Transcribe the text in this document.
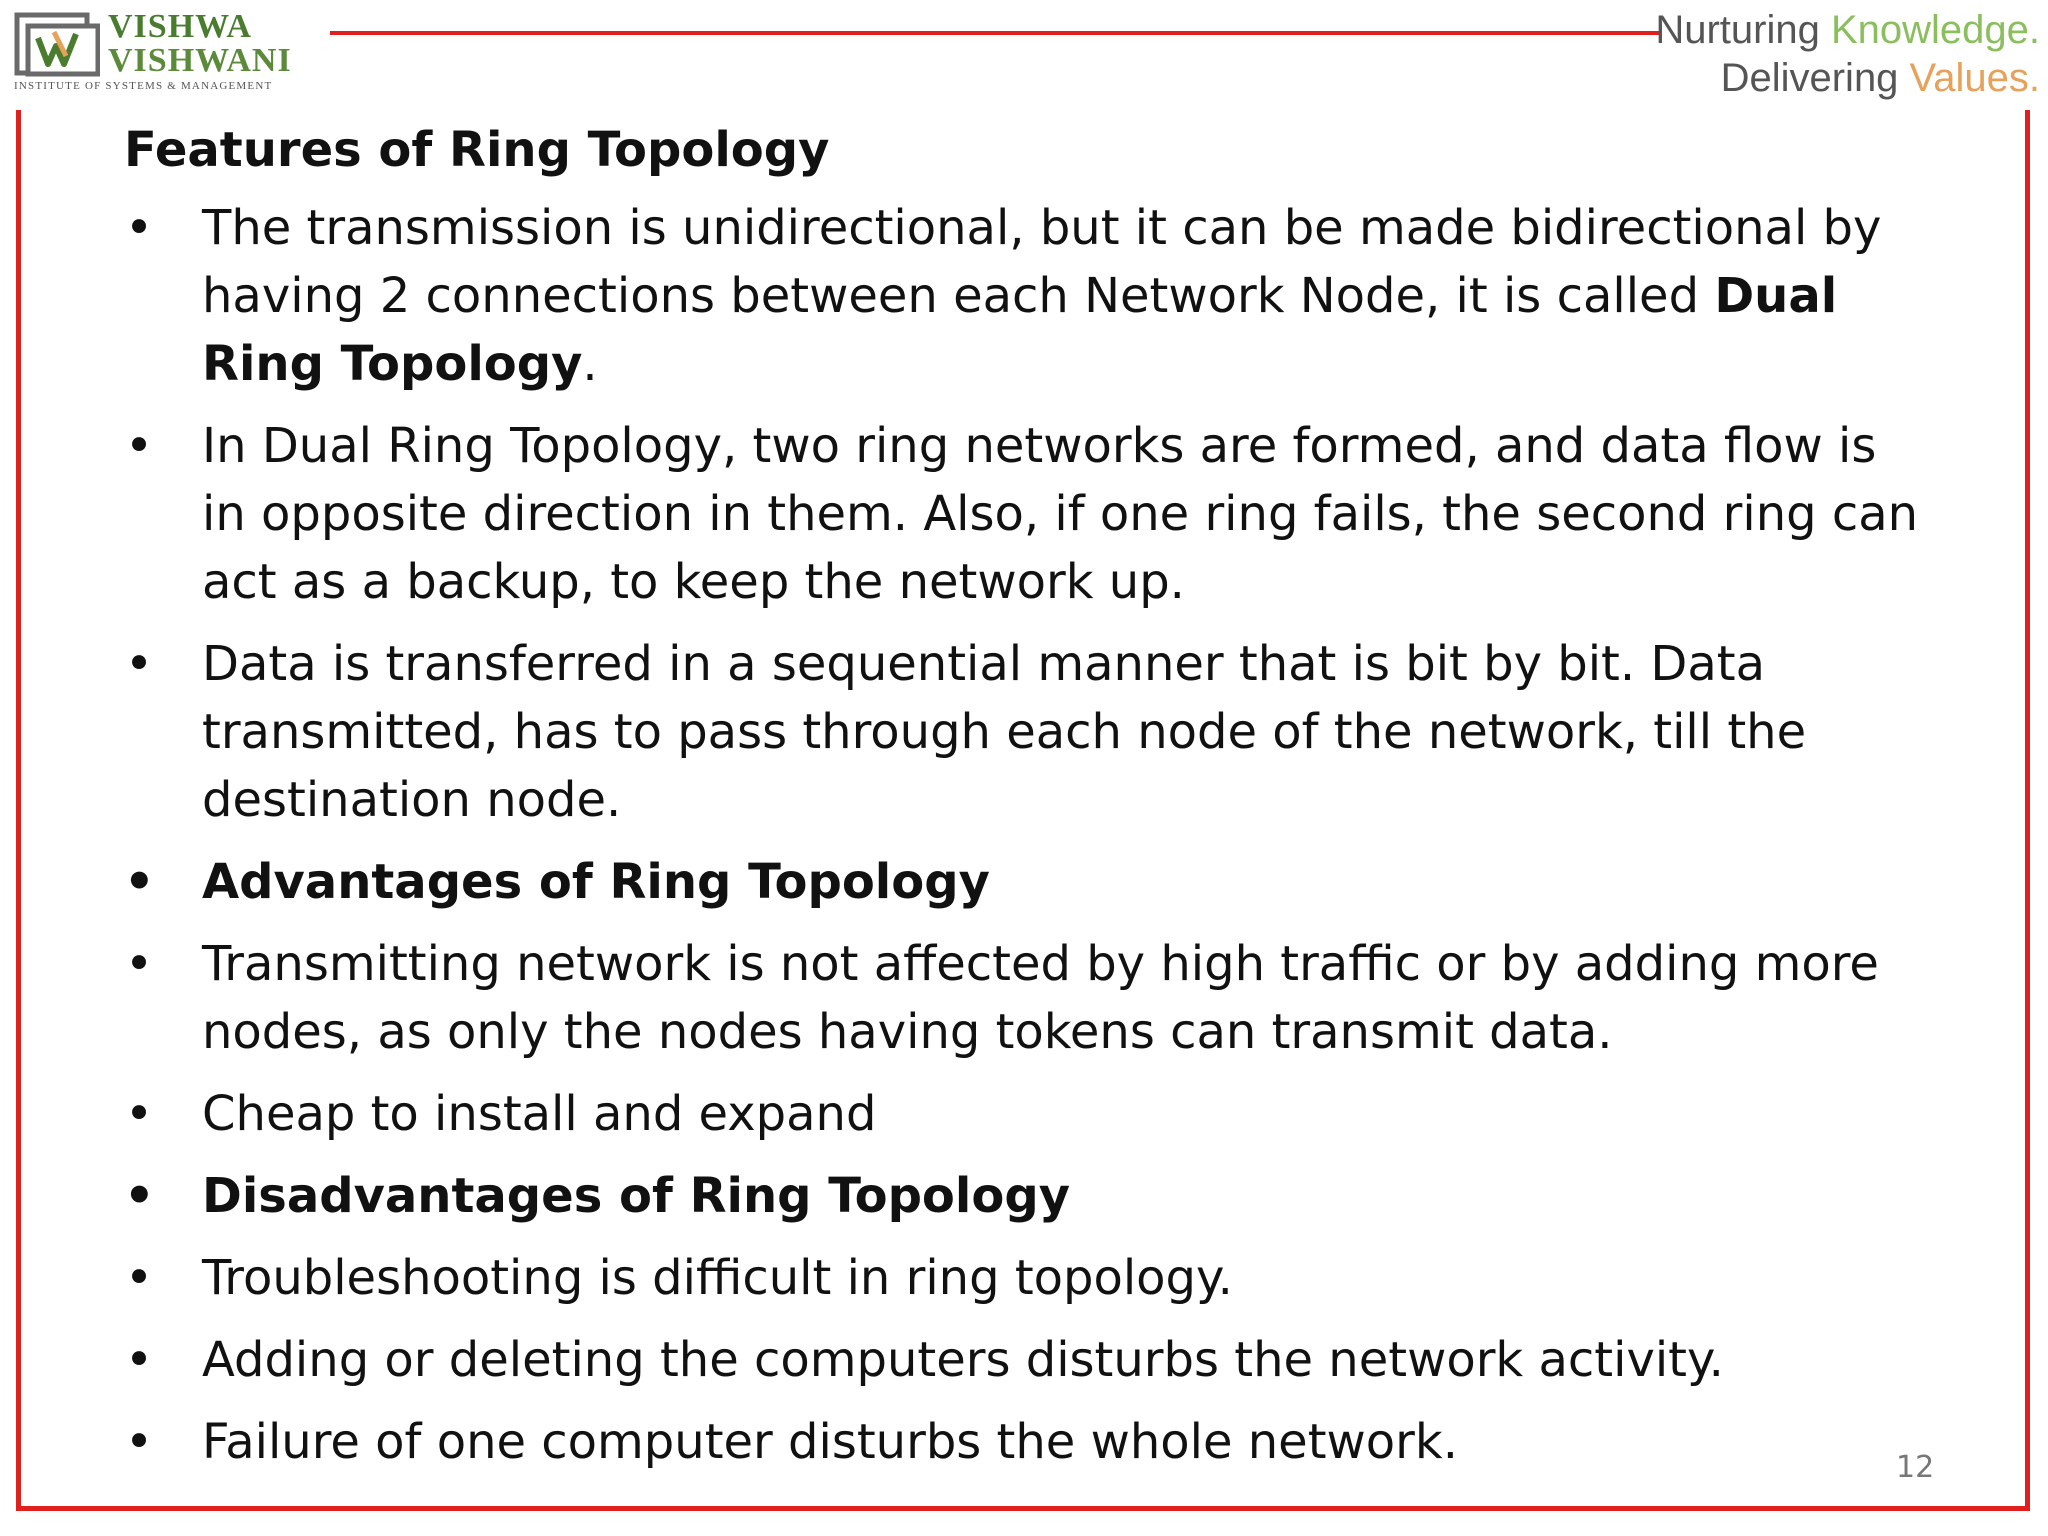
VISHWA
VISHWANI
INSTITUTE OF SYSTEMS & MANAGEMENT
Nurturing Knowledge.
Delivering Values.
Features of Ring Topology
• The transmission is unidirectional, but it can be made bidirectional by having 2 connections between each Network Node, it is called Dual Ring Topology.
• In Dual Ring Topology, two ring networks are formed, and data flow is in opposite direction in them. Also, if one ring fails, the second ring can act as a backup, to keep the network up.
• Data is transferred in a sequential manner that is bit by bit. Data transmitted, has to pass through each node of the network, till the destination node.
• Advantages of Ring Topology
• Transmitting network is not affected by high traffic or by adding more nodes, as only the nodes having tokens can transmit data.
• Cheap to install and expand
• Disadvantages of Ring Topology
• Troubleshooting is difficult in ring topology.
• Adding or deleting the computers disturbs the network activity.
• Failure of one computer disturbs the whole network.	12
